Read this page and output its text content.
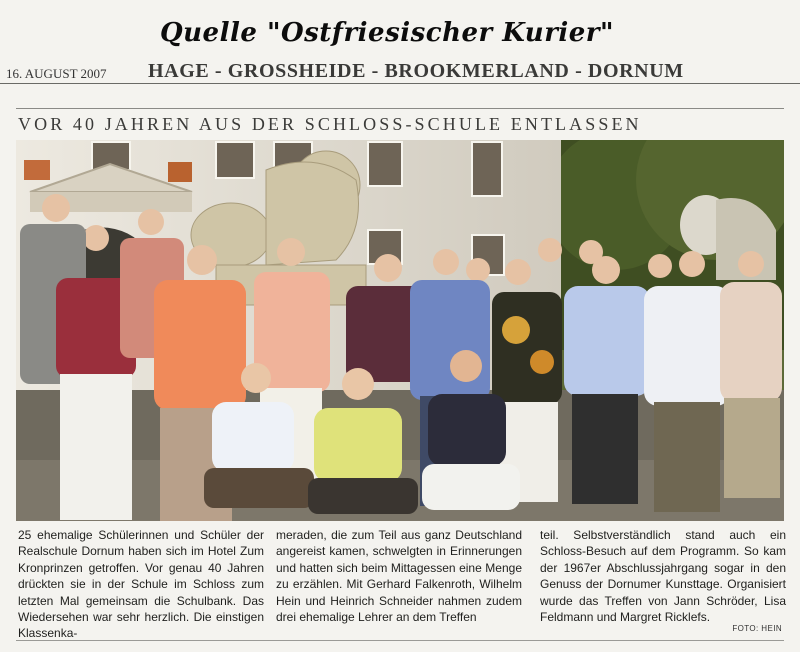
Quelle "Ostfriesischer Kurier"
16. AUGUST 2007 HAGE - GROSSHEIDE - BROOKMERLAND - DORNUM
VOR 40 JAHREN AUS DER SCHLOSS-SCHULE ENTLASSEN
25 ehemalige Schülerinnen und Schüler der Realschule Dornum haben sich im Hotel Zum Kronprinzen getroffen. Vor genau 40 Jahren drückten sie in der Schule im Schloss zum letzten Mal gemeinsam die Schulbank. Das Wiedersehen war sehr herzlich. Die einstigen Klassenka-
meraden, die zum Teil aus ganz Deutschland angereist kamen, schwelgten in Erinnerungen und hatten sich beim Mittagessen eine Menge zu erzählen. Mit Gerhard Falkenroth, Wilhelm Hein und Heinrich Schneider nahmen zudem drei ehemalige Lehrer an dem Treffen
teil. Selbstverständlich stand auch ein Schloss-Besuch auf dem Programm. So kam der 1967er Abschlussjahrgang sogar in den Genuss der Dornumer Kunsttage. Organisiert wurde das Treffen von Jann Schröder, Lisa Feldmann und Margret Ricklefs.
FOTO: HEIN
